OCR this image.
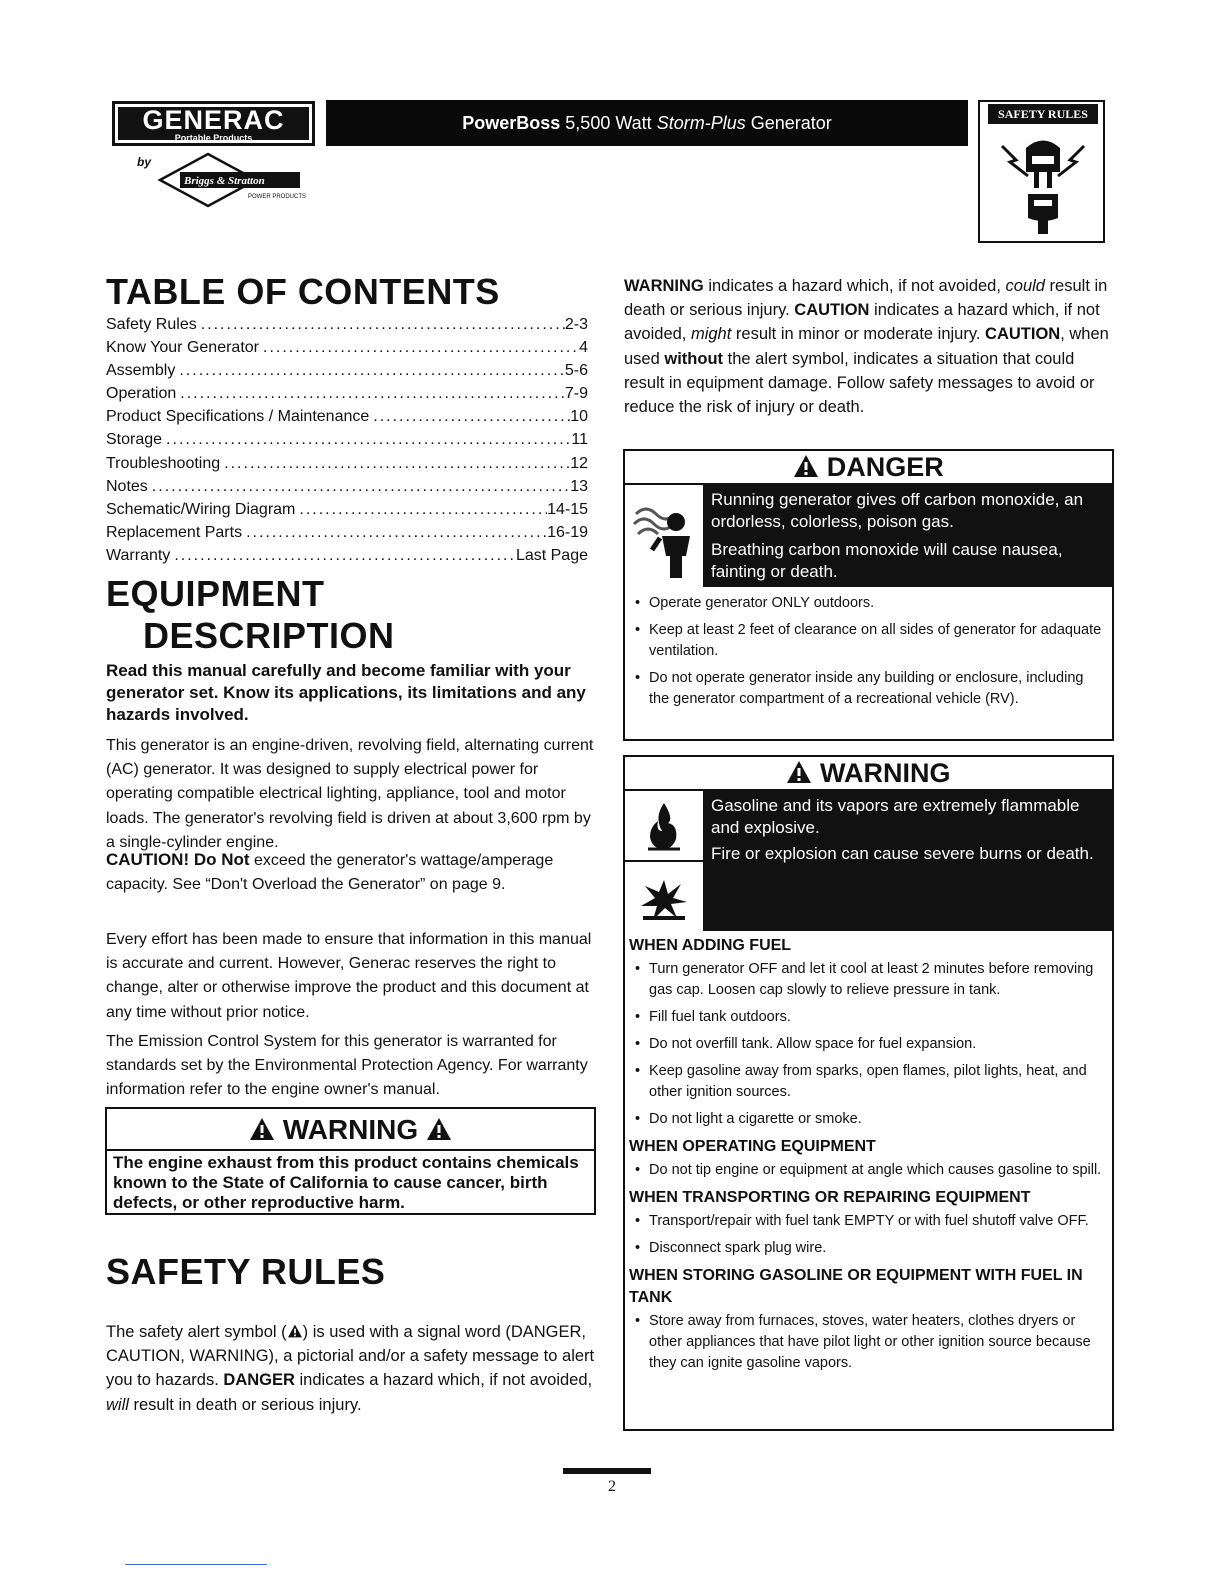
GENERAC
Portable Products
by
Briggs & Stratton
POWER PRODUCTS
PowerBoss 5,500 Watt Storm-Plus Generator	SAFETY RULES
TABLE OF CONTENTS
Safety Rules .....	2-3
Know Your Generator .....	4
Assembly .....	5-6
Operation .....	7-9
Product Specifications / Maintenance .....	10
Storage .....	11
Troubleshooting .....	12
Notes .....	13
Schematic/Wiring Diagram .....	14-15
Replacement Parts .....	16-19
Warranty .....	Last Page
EQUIPMENT
DESCRIPTION
Read this manual carefully and become familiar with your generator set. Know its applications, its limitations and any hazards involved.
This generator is an engine-driven, revolving field, alternating current (AC) generator. It was designed to supply electrical power for operating compatible electrical lighting, appliance, tool and motor loads. The generator's revolving field is driven at about 3,600 rpm by a single-cylinder engine.
CAUTION! Do Not exceed the generator's wattage/amperage capacity. See “Don't Overload the Generator” on page 9.
Every effort has been made to ensure that information in this manual is accurate and current. However, Generac reserves the right to change, alter or otherwise improve the product and this document at any time without prior notice.
The Emission Control System for this generator is warranted for standards set by the Environmental Protection Agency. For warranty information refer to the engine owner's manual.
WARNING
The engine exhaust from this product contains chemicals known to the State of California to cause cancer, birth defects, or other reproductive harm.
SAFETY RULES
The safety alert symbol ( ) is used with a signal word (DANGER, CAUTION, WARNING), a pictorial and/or a safety message to alert you to hazards. DANGER indicates a hazard which, if not avoided, will result in death or serious injury.
WARNING indicates a hazard which, if not avoided, could result in death or serious injury. CAUTION indicates a hazard which, if not avoided, might result in minor or moderate injury. CAUTION, when used without the alert symbol, indicates a situation that could result in equipment damage. Follow safety messages to avoid or reduce the risk of injury or death.
DANGER

Running generator gives off carbon monoxide, an ordorless, colorless, poison gas.

Breathing carbon monoxide will cause nausea, fainting or death.

• Operate generator ONLY outdoors.
• Keep at least 2 feet of clearance on all sides of generator for adaquate ventilation.
• Do not operate generator inside any building or enclosure, including the generator compartment of a recreational vehicle (RV).
WARNING

Gasoline and its vapors are extremely flammable and explosive.

Fire or explosion can cause severe burns or death.

WHEN ADDING FUEL
• Turn generator OFF and let it cool at least 2 minutes before removing gas cap. Loosen cap slowly to relieve pressure in tank.
• Fill fuel tank outdoors.
• Do not overfill tank. Allow space for fuel expansion.
• Keep gasoline away from sparks, open flames, pilot lights, heat, and other ignition sources.
• Do not light a cigarette or smoke.
WHEN OPERATING EQUIPMENT
• Do not tip engine or equipment at angle which causes gasoline to spill.
WHEN TRANSPORTING OR REPAIRING EQUIPMENT
• Transport/repair with fuel tank EMPTY or with fuel shutoff valve OFF.
• Disconnect spark plug wire.
WHEN STORING GASOLINE OR EQUIPMENT WITH FUEL IN TANK
• Store away from furnaces, stoves, water heaters, clothes dryers or other appliances that have pilot light or other ignition source because they can ignite gasoline vapors.
2
